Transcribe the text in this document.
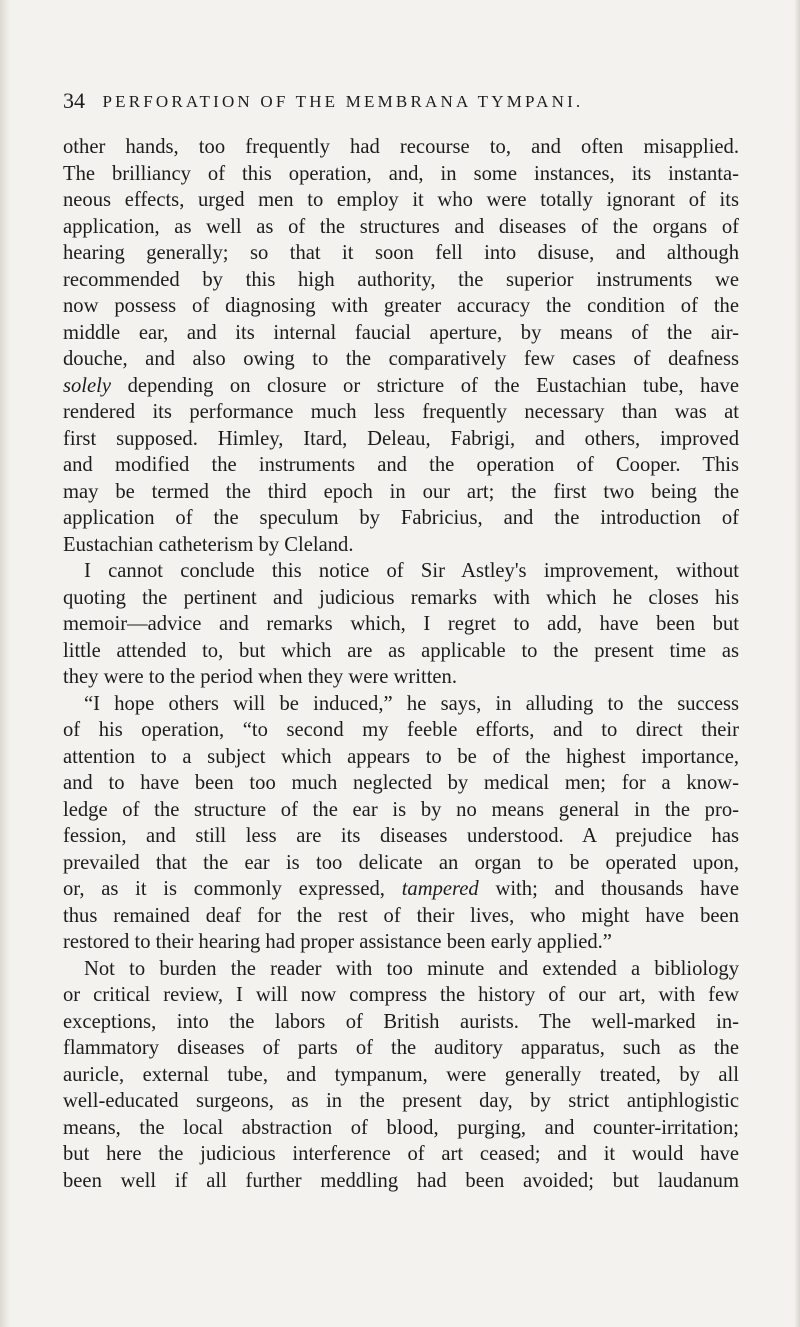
34 PERFORATION OF THE MEMBRANA TYMPANI.
other hands, too frequently had recourse to, and often misapplied.
The brilliancy of this operation, and, in some instances, its instanta-
neous effects, urged men to employ it who were totally ignorant of its
application, as well as of the structures and diseases of the organs of
hearing generally; so that it soon fell into disuse, and although
recommended by this high authority, the superior instruments we
now possess of diagnosing with greater accuracy the condition of the
middle ear, and its internal faucial aperture, by means of the air-
douche, and also owing to the comparatively few cases of deafness
solely depending on closure or stricture of the Eustachian tube, have
rendered its performance much less frequently necessary than was at
first supposed. Himley, Itard, Deleau, Fabrigi, and others, improved
and modified the instruments and the operation of Cooper. This
may be termed the third epoch in our art; the first two being the
application of the speculum by Fabricius, and the introduction of
Eustachian catheterism by Cleland.
I cannot conclude this notice of Sir Astley's improvement, without
quoting the pertinent and judicious remarks with which he closes his
memoir—advice and remarks which, I regret to add, have been but
little attended to, but which are as applicable to the present time as
they were to the period when they were written.
“I hope others will be induced,” he says, in alluding to the success
of his operation, “to second my feeble efforts, and to direct their
attention to a subject which appears to be of the highest importance,
and to have been too much neglected by medical men; for a know-
ledge of the structure of the ear is by no means general in the pro-
fession, and still less are its diseases understood. A prejudice has
prevailed that the ear is too delicate an organ to be operated upon,
or, as it is commonly expressed, tampered with; and thousands have
thus remained deaf for the rest of their lives, who might have been
restored to their hearing had proper assistance been early applied.”
Not to burden the reader with too minute and extended a bibliology
or critical review, I will now compress the history of our art, with few
exceptions, into the labors of British aurists. The well-marked in-
flammatory diseases of parts of the auditory apparatus, such as the
auricle, external tube, and tympanum, were generally treated, by all
well-educated surgeons, as in the present day, by strict antiphlogistic
means, the local abstraction of blood, purging, and counter-irritation;
but here the judicious interference of art ceased; and it would have
been well if all further meddling had been avoided; but laudanum
